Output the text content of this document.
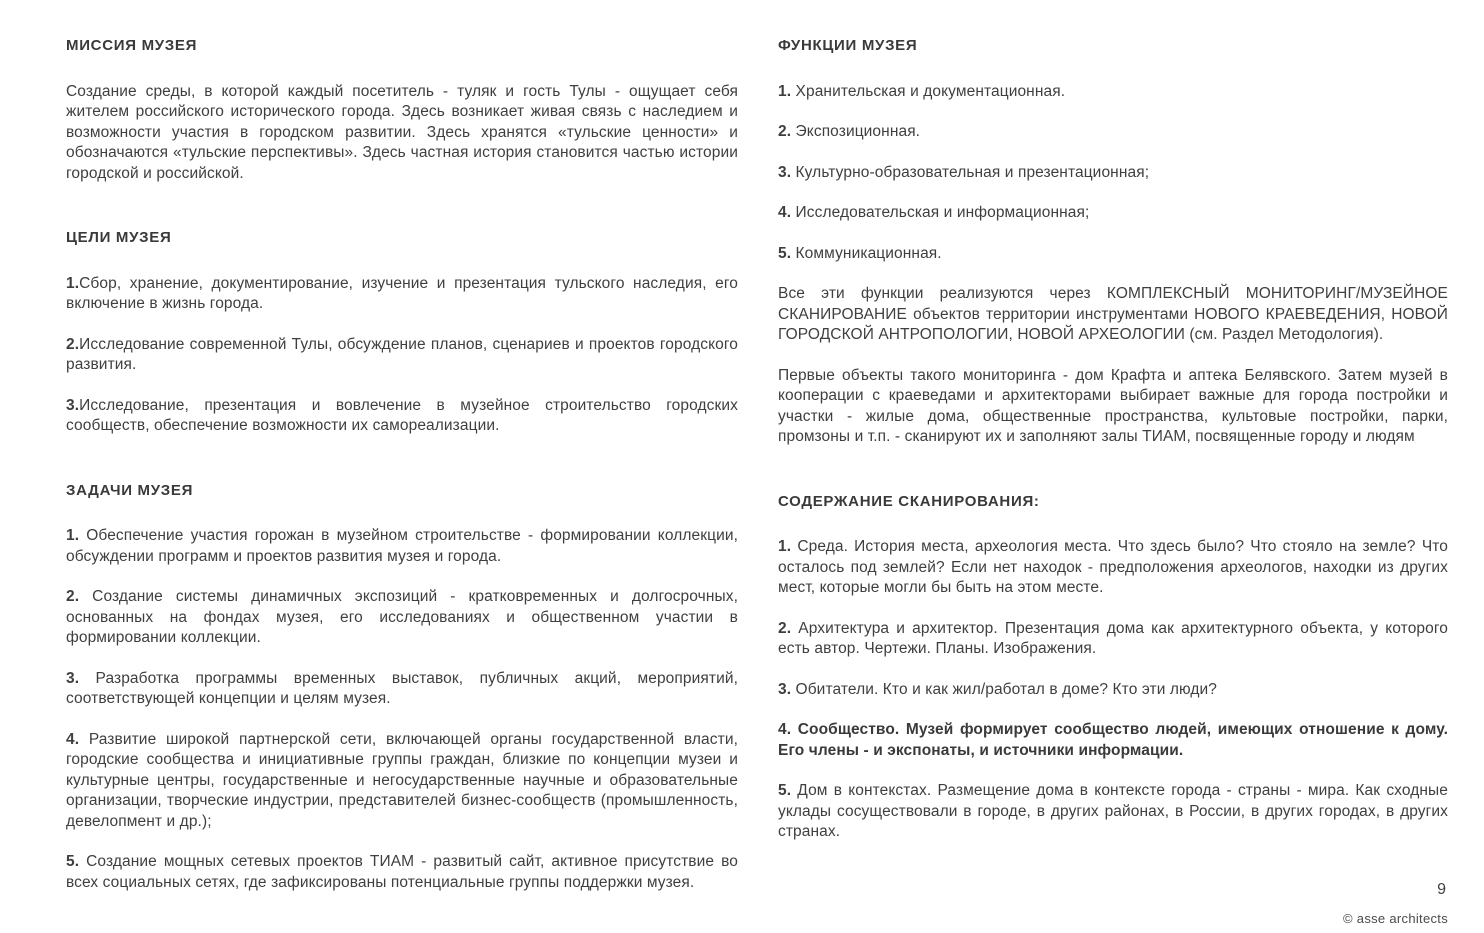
МИССИЯ МУЗЕЯ

Создание среды, в которой каждый посетитель - туляк и гость Тулы - ощущает себя жителем российского исторического города. Здесь возникает живая связь с наследием и возможности участия в городском развитии. Здесь хранятся «тульские ценности» и обозначаются «тульские перспективы». Здесь частная история становится частью истории городской и российской.

ЦЕЛИ МУЗЕЯ

1.Сбор, хранение, документирование, изучение и презентация тульского наследия, его включение в жизнь города.

2.Исследование современной Тулы, обсуждение планов, сценариев и проектов городского развития.

3.Исследование, презентация и вовлечение в музейное строительство городских сообществ, обеспечение возможности их самореализации.

ЗАДАЧИ МУЗЕЯ

1. Обеспечение участия горожан в музейном строительстве - формировании коллекции, обсуждении программ и проектов развития музея и города.

2. Создание системы динамичных экспозиций - кратковременных и долгосрочных, основанных на фондах музея, его исследованиях и общественном участии в формировании коллекции.

3. Разработка программы временных выставок, публичных акций, мероприятий, соответствующей концепции и целям музея.

4. Развитие широкой партнерской сети, включающей органы государственной власти, городские сообщества и инициативные группы граждан, близкие по концепции музеи и культурные центры, государственные и негосударственные научные и образовательные организации, творческие индустрии, представителей бизнес-сообществ (промышленность, девелопмент и др.);

5. Создание мощных сетевых проектов ТИАМ - развитый сайт, активное присутствие во всех социальных сетях, где зафиксированы потенциальные группы поддержки музея.

ФУНКЦИИ МУЗЕЯ

1. Хранительская и документационная.

2. Экспозиционная.

3. Культурно-образовательная и презентационная;

4. Исследовательская и информационная;

5. Коммуникационная.

Все эти функции реализуются через КОМПЛЕКСНЫЙ МОНИТОРИНГ/МУЗЕЙНОЕ СКАНИРОВАНИЕ объектов территории инструментами НОВОГО КРАЕВЕДЕНИЯ, НОВОЙ ГОРОДСКОЙ АНТРОПОЛОГИИ, НОВОЙ АРХЕОЛОГИИ (см. Раздел Методология).

Первые объекты такого мониторинга - дом Крафта и аптека Белявского. Затем музей в кооперации с краеведами и архитекторами выбирает важные для города постройки и участки - жилые дома, общественные пространства, культовые постройки, парки, промзоны и т.п. - сканируют их и заполняют залы ТИАМ, посвященные городу и людям

СОДЕРЖАНИЕ СКАНИРОВАНИЯ:

1. Среда. История места, археология места. Что здесь было? Что стояло на земле? Что осталось под землей? Если нет находок - предположения археологов, находки из других мест, которые могли бы быть на этом месте.

2. Архитектура и архитектор. Презентация дома как архитектурного объекта, у которого есть автор. Чертежи. Планы. Изображения.

3. Обитатели. Кто и как жил/работал в доме? Кто эти люди?

4. Сообщество. Музей формирует сообщество людей, имеющих отношение к дому. Его члены - и экспонаты, и источники информации.

5. Дом в контекстах. Размещение дома в контексте города - страны - мира. Как сходные уклады сосуществовали в городе, в других районах, в России, в других городах, в других странах.

9
© asse architects
